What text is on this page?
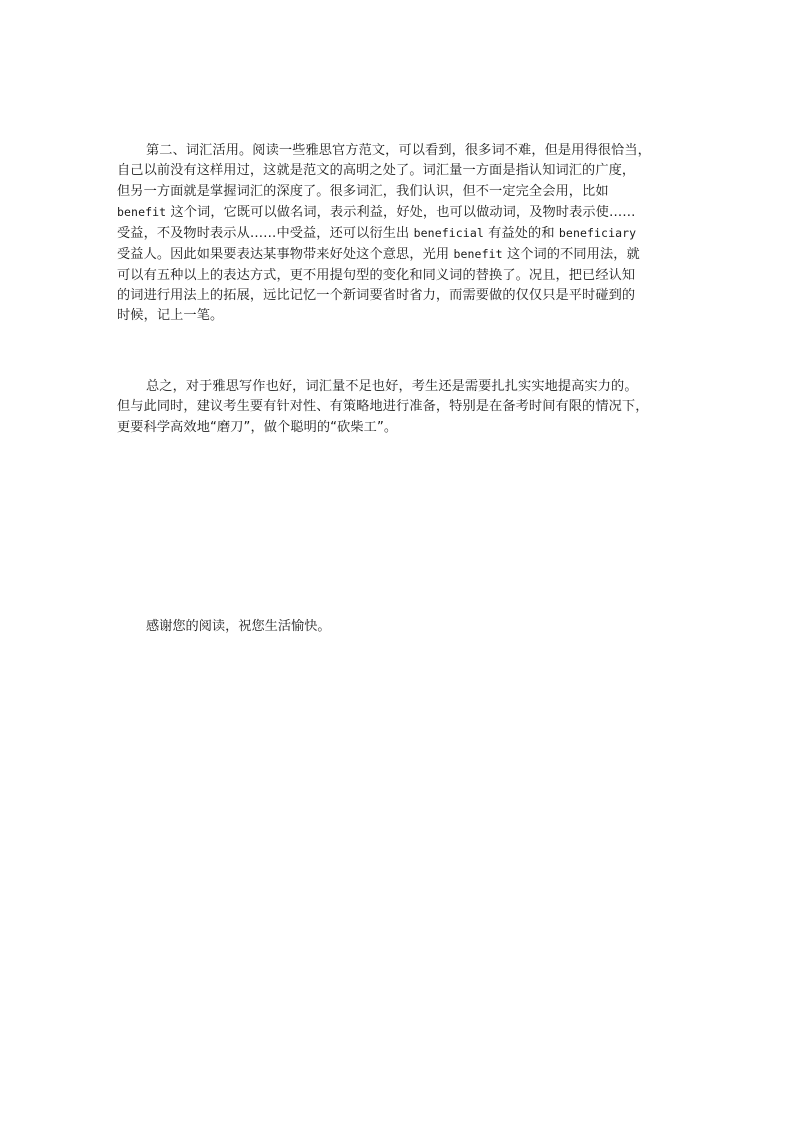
第二、词汇活用。阅读一些雅思官方范文，可以看到，很多词不难，但是用得很恰当，
自己以前没有这样用过，这就是范文的高明之处了。词汇量一方面是指认知词汇的广度，
但另一方面就是掌握词汇的深度了。很多词汇，我们认识，但不一定完全会用，比如
benefit 这个词，它既可以做名词，表示利益，好处，也可以做动词，及物时表示使……
受益，不及物时表示从……中受益，还可以衍生出 beneficial 有益处的和 beneficiary
受益人。因此如果要表达某事物带来好处这个意思，光用 benefit 这个词的不同用法，就
可以有五种以上的表达方式，更不用提句型的变化和同义词的替换了。况且，把已经认知
的词进行用法上的拓展，远比记忆一个新词要省时省力，而需要做的仅仅只是平时碰到的
时候，记上一笔。
总之，对于雅思写作也好，词汇量不足也好，考生还是需要扎扎实实地提高实力的。
但与此同时，建议考生要有针对性、有策略地进行准备，特别是在备考时间有限的情况下，
更要科学高效地“磨刀”，做个聪明的“砍柴工”。
感谢您的阅读，祝您生活愉快。
